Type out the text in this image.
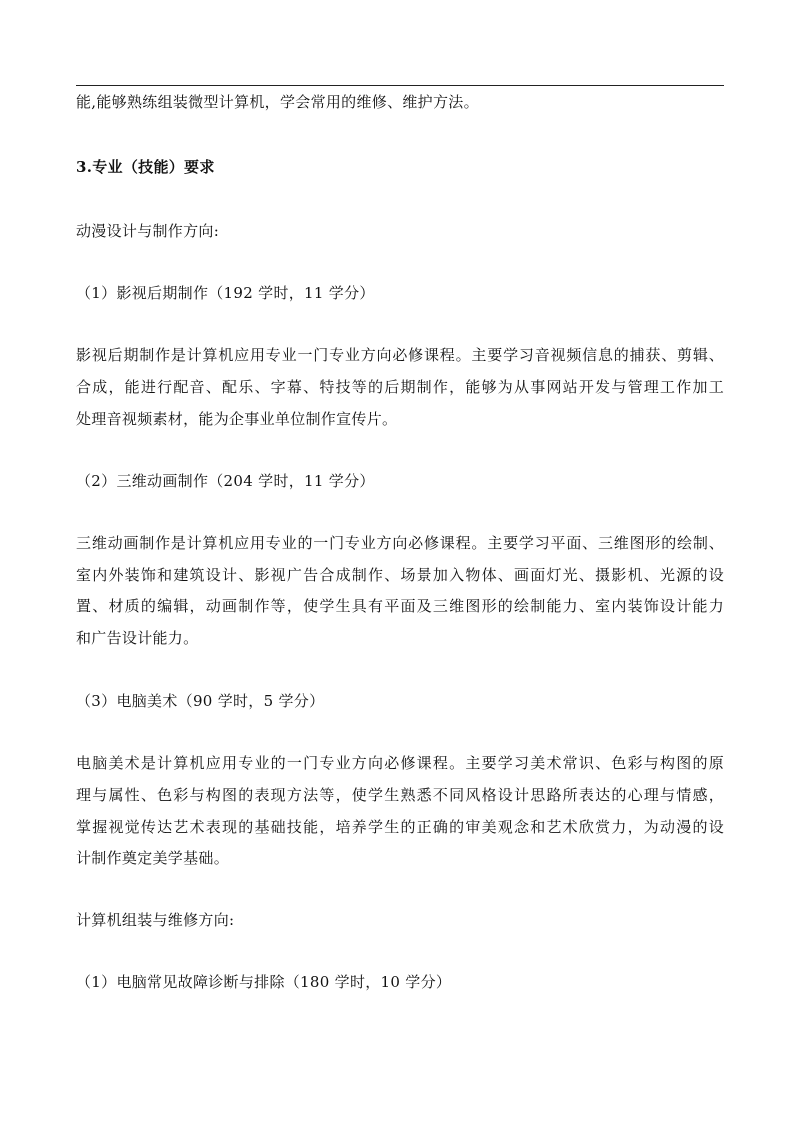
能,能够熟练组装微型计算机，学会常用的维修、维护方法。
3.专业（技能）要求
动漫设计与制作方向:
（1）影视后期制作（192 学时，11 学分）
影视后期制作是计算机应用专业一门专业方向必修课程。主要学习音视频信息的捕获、剪辑、
合成，能进行配音、配乐、字幕、特技等的后期制作，能够为从事网站开发与管理工作加工
处理音视频素材，能为企事业单位制作宣传片。
（2）三维动画制作（204 学时，11 学分）
三维动画制作是计算机应用专业的一门专业方向必修课程。主要学习平面、三维图形的绘制、
室内外装饰和建筑设计、影视广告合成制作、场景加入物体、画面灯光、摄影机、光源的设
置、材质的编辑，动画制作等，使学生具有平面及三维图形的绘制能力、室内装饰设计能力
和广告设计能力。
（3）电脑美术（90 学时，5 学分）
电脑美术是计算机应用专业的一门专业方向必修课程。主要学习美术常识、色彩与构图的原
理与属性、色彩与构图的表现方法等，使学生熟悉不同风格设计思路所表达的心理与情感，
掌握视觉传达艺术表现的基础技能，培养学生的正确的审美观念和艺术欣赏力，为动漫的设
计制作奠定美学基础。
计算机组装与维修方向:
（1）电脑常见故障诊断与排除（180 学时，10 学分）
